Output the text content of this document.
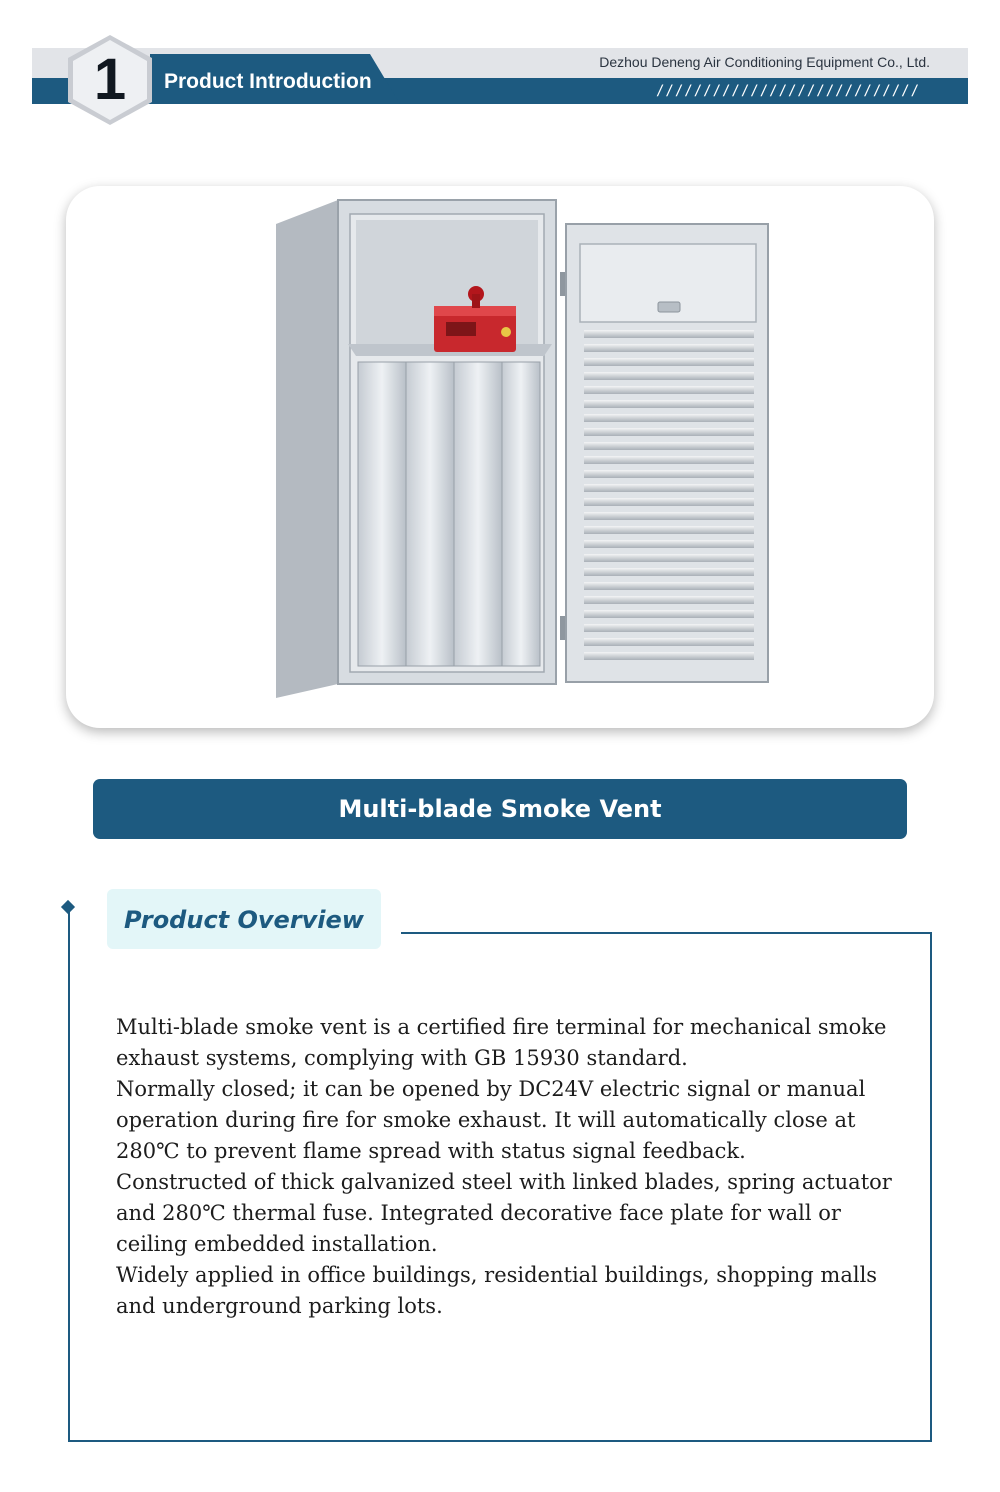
Product Introduction
Dezhou Deneng Air Conditioning Equipment Co., Ltd.
////////////////////////////
1
Multi-blade Smoke Vent
Product Overview

Multi-blade smoke vent is a certified fire terminal for mechanical smoke exhaust systems, complying with GB 15930 standard.

Normally closed; it can be opened by DC24V electric signal or manual operation during fire for smoke exhaust. It will automatically close at 280℃ to prevent flame spread with status signal feedback.

Constructed of thick galvanized steel with linked blades, spring actuator and 280℃ thermal fuse. Integrated decorative face plate for wall or ceiling embedded installation.

Widely applied in office buildings, residential buildings, shopping malls and underground parking lots.
